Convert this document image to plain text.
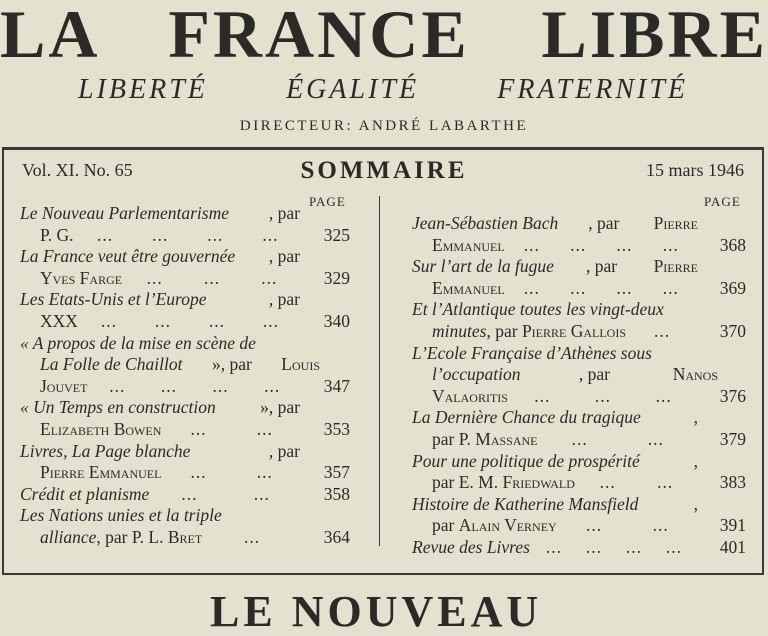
LA FRANCE LIBRE
LIBERTÉ	ÉGALITÉ	FRATERNITÉ
DIRECTEUR: ANDRÉ LABARTHE
Vol. XI. No. 65	SOMMAIRE	15 mars 1946
PAGE	PAGE
Le Nouveau Parlementarisme , par
P. G. ... ... ... ...	325
La France veut être gouvernée , par
Yves Farge ... ... ...	329
Les Etats-Unis et l’Europe	, par
XXX ... ... ... ...	340
« A propos de la mise en scène de
La Folle de Chaillot », par Louis
Jouvet ... ... ... ...	347
« Un Temps en construction », par
Elizabeth Bowen ...	...	353
Livres, La Page blanche	, par
Pierre Emmanuel ...	...	357
Crédit et planisme ...	...	358
Les Nations unies et la triple
alliance, par P. L. Bret ...	364
Jean-Sébastien Bach , par Pierre
Emmanuel ... ... ... ...	368
Sur l’art de la fugue , par Pierre
Emmanuel ... ... ... ...	369
Et l’Atlantique toutes les vingt-deux
minutes, par Pierre Gallois ...	370
L’Ecole Française d’Athènes sous
l’occupation	, par	Nanos
Valaoritis ...	...	...	376
La Dernière Chance du tragique	,
par P. Massane ...	...	379
Pour une politique de prospérité	,
par E. M. Friedwald ... ...	383
Histoire de Katherine Mansfield	,
par Alain Verney ...	...	391
Revue des Livres ... ... ... ...	401
LE NOUVEAU
